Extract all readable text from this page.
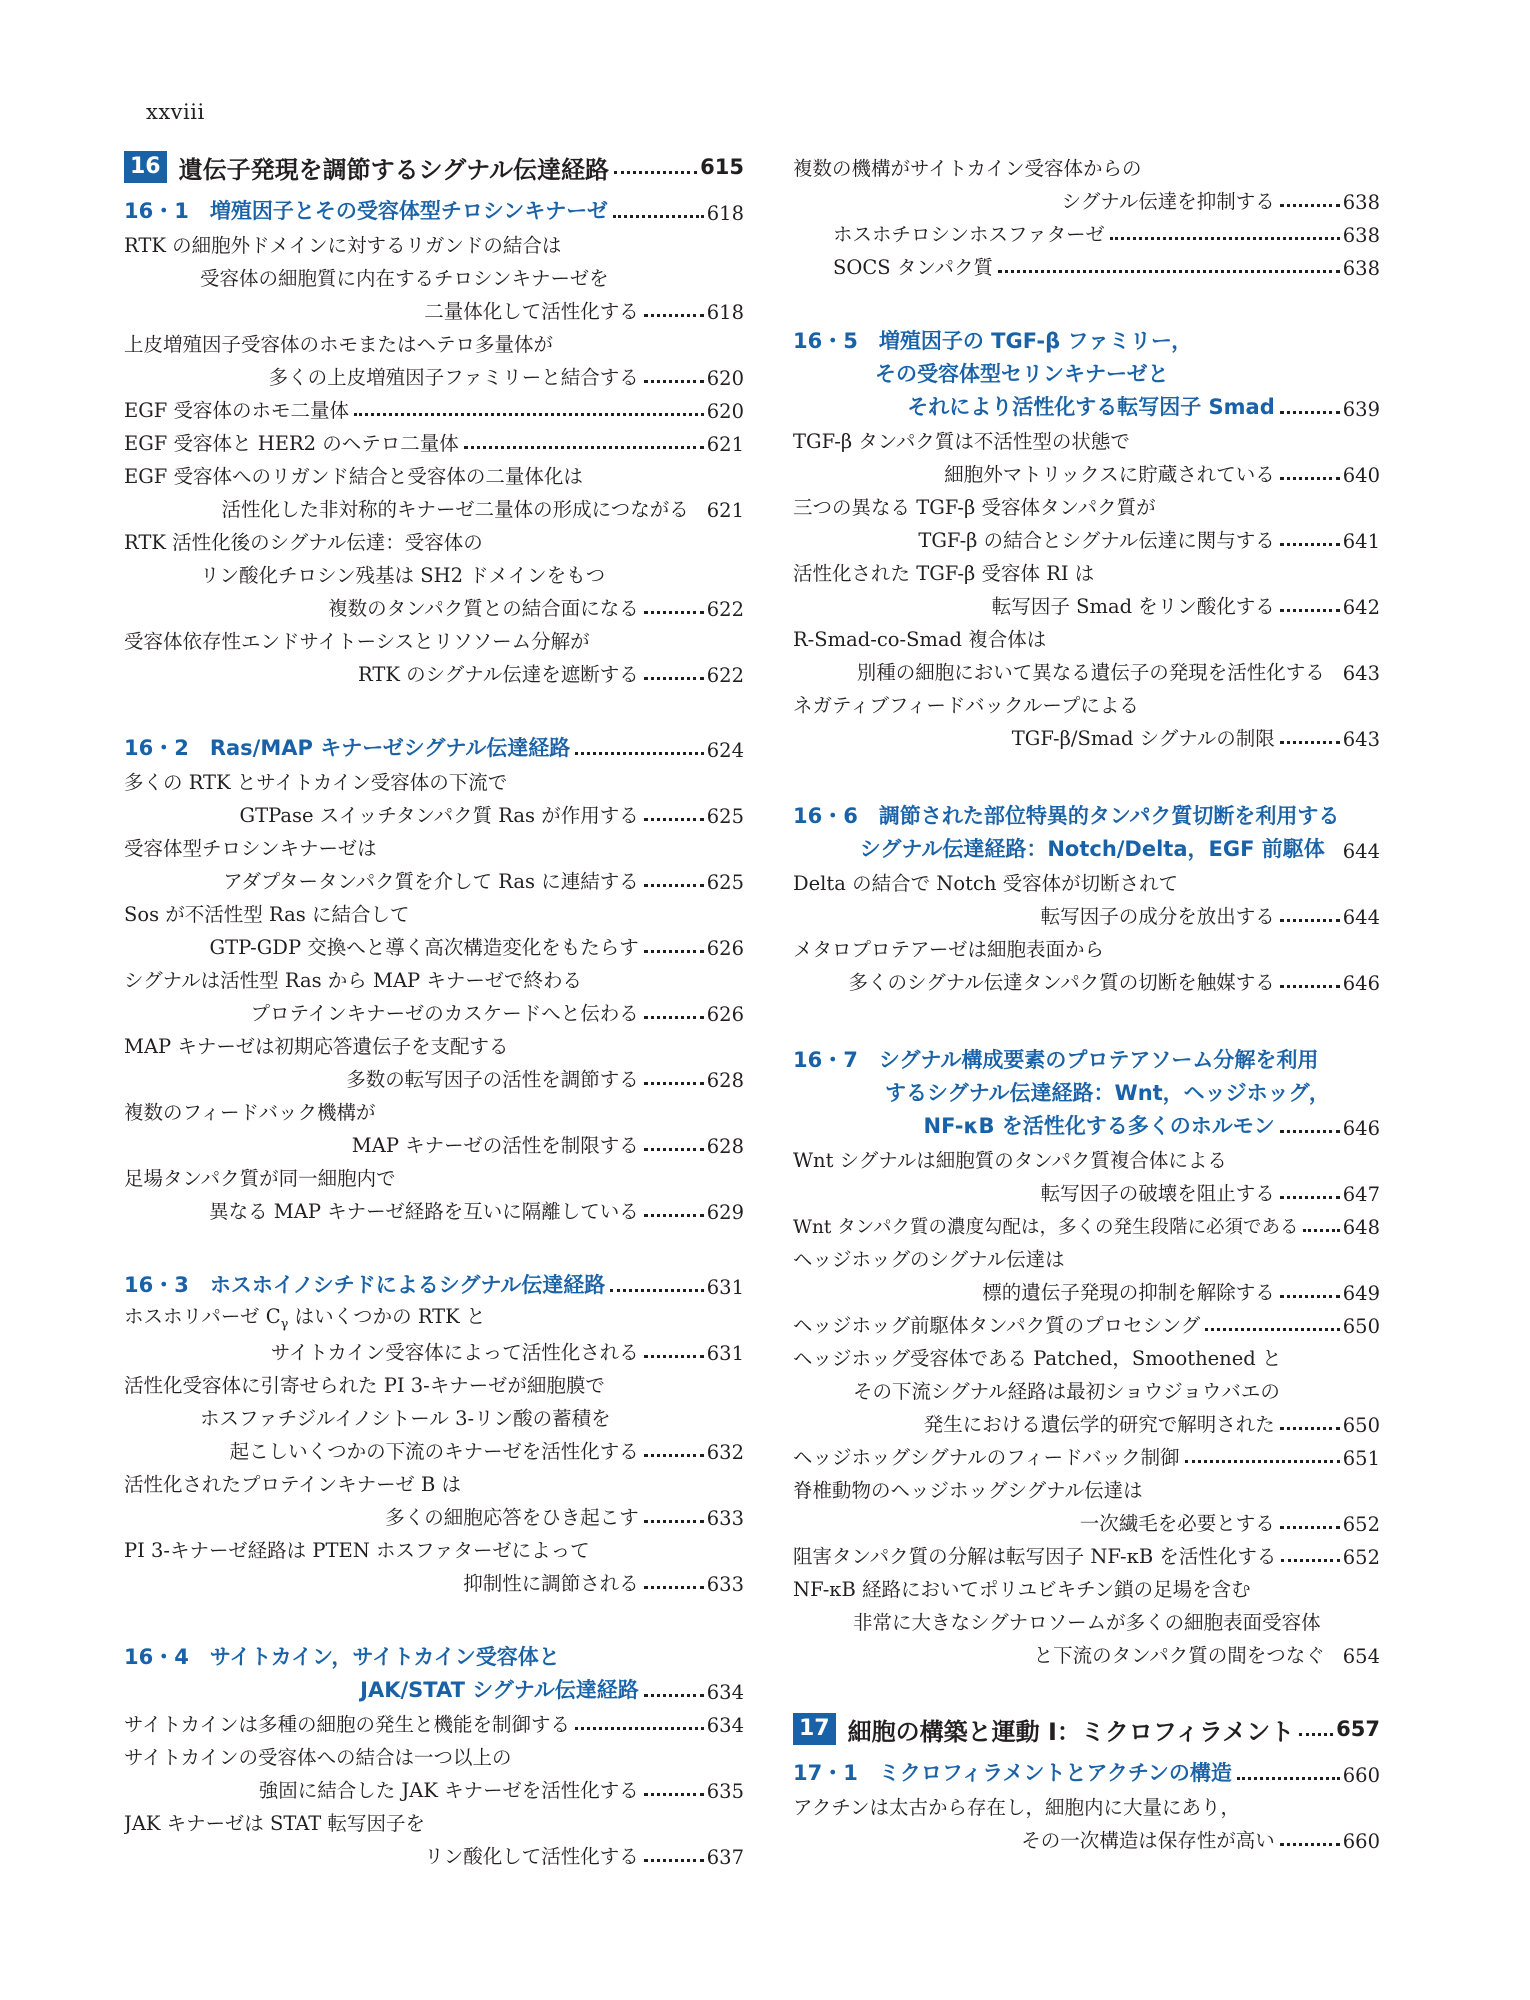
xxviii
16 遺伝子発現を調節するシグナル伝達経路	615
16・1　増殖因子とその受容体型チロシンキナーゼ	618
RTK の細胞外ドメインに対するリガンドの結合は
受容体の細胞質に内在するチロシンキナーゼを
二量体化して活性化する	618
上皮増殖因子受容体のホモまたはヘテロ多量体が
多くの上皮増殖因子ファミリーと結合する	620
EGF 受容体のホモ二量体	620
EGF 受容体と HER2 のヘテロ二量体	621
EGF 受容体へのリガンド結合と受容体の二量体化は
活性化した非対称的キナーゼ二量体の形成につながる 621
RTK 活性化後のシグナル伝達：受容体の
リン酸化チロシン残基は SH2 ドメインをもつ
複数のタンパク質との結合面になる	622
受容体依存性エンドサイトーシスとリソソーム分解が
RTK のシグナル伝達を遮断する	622
16・2　Ras/MAP キナーゼシグナル伝達経路	624
多くの RTK とサイトカイン受容体の下流で
GTPase スイッチタンパク質 Ras が作用する	625
受容体型チロシンキナーゼは
アダプタータンパク質を介して Ras に連結する	625
Sos が不活性型 Ras に結合して
GTP-GDP 交換へと導く高次構造変化をもたらす	626
シグナルは活性型 Ras から MAP キナーゼで終わる
プロテインキナーゼのカスケードへと伝わる	626
MAP キナーゼは初期応答遺伝子を支配する
多数の転写因子の活性を調節する	628
複数のフィードバック機構が
MAP キナーゼの活性を制限する	628
足場タンパク質が同一細胞内で
異なる MAP キナーゼ経路を互いに隔離している	629
16・3　ホスホイノシチドによるシグナル伝達経路	631
ホスホリパーゼ $C_\gamma$ はいくつかの RTK と
サイトカイン受容体によって活性化される	631
活性化受容体に引寄せられた PI 3-キナーゼが細胞膜で
ホスファチジルイノシトール 3-リン酸の蓄積を
起こしいくつかの下流のキナーゼを活性化する	632
活性化されたプロテインキナーゼ B は
多くの細胞応答をひき起こす	633
PI 3-キナーゼ経路は PTEN ホスファターゼによって
抑制性に調節される	633
16・4　サイトカイン，サイトカイン受容体と
JAK/STAT シグナル伝達経路	634
サイトカインは多種の細胞の発生と機能を制御する	634
サイトカインの受容体への結合は一つ以上の
強固に結合した JAK キナーゼを活性化する	635
JAK キナーゼは STAT 転写因子を
リン酸化して活性化する	637
複数の機構がサイトカイン受容体からの
シグナル伝達を抑制する	638
ホスホチロシンホスファターゼ	638
SOCS タンパク質	638
16・5　増殖因子の TGF-β ファミリー，
その受容体型セリンキナーゼと
それにより活性化する転写因子 Smad	639
TGF-β タンパク質は不活性型の状態で
細胞外マトリックスに貯蔵されている	640
三つの異なる TGF-β 受容体タンパク質が
TGF-β の結合とシグナル伝達に関与する	641
活性化された TGF-β 受容体 RI は
転写因子 Smad をリン酸化する	642
R-Smad-co-Smad 複合体は
別種の細胞において異なる遺伝子の発現を活性化する 643
ネガティブフィードバックループによる
TGF-β/Smad シグナルの制限	643
16・6　調節された部位特異的タンパク質切断を利用する
シグナル伝達経路：Notch/Delta，EGF 前駆体 644
Delta の結合で Notch 受容体が切断されて
転写因子の成分を放出する	644
メタロプロテアーゼは細胞表面から
多くのシグナル伝達タンパク質の切断を触媒する	646
16・7　シグナル構成要素のプロテアソーム分解を利用
するシグナル伝達経路：Wnt，ヘッジホッグ，
NF-κB を活性化する多くのホルモン	646
Wnt シグナルは細胞質のタンパク質複合体による
転写因子の破壊を阻止する	647
Wnt タンパク質の濃度勾配は，多くの発生段階に必須である 648
ヘッジホッグのシグナル伝達は
標的遺伝子発現の抑制を解除する	649
ヘッジホッグ前駆体タンパク質のプロセシング	650
ヘッジホッグ受容体である Patched，Smoothened と
その下流シグナル経路は最初ショウジョウバエの
発生における遺伝学的研究で解明された	650
ヘッジホッグシグナルのフィードバック制御	651
脊椎動物のヘッジホッグシグナル伝達は
一次繊毛を必要とする	652
阻害タンパク質の分解は転写因子 NF-κB を活性化する	652
NF-κB 経路においてポリユビキチン鎖の足場を含む
非常に大きなシグナロソームが多くの細胞表面受容体
と下流のタンパク質の間をつなぐ 654
17 細胞の構築と運動 I：ミクロフィラメント 657
17・1　ミクロフィラメントとアクチンの構造	660
アクチンは太古から存在し，細胞内に大量にあり，
その一次構造は保存性が高い	660
